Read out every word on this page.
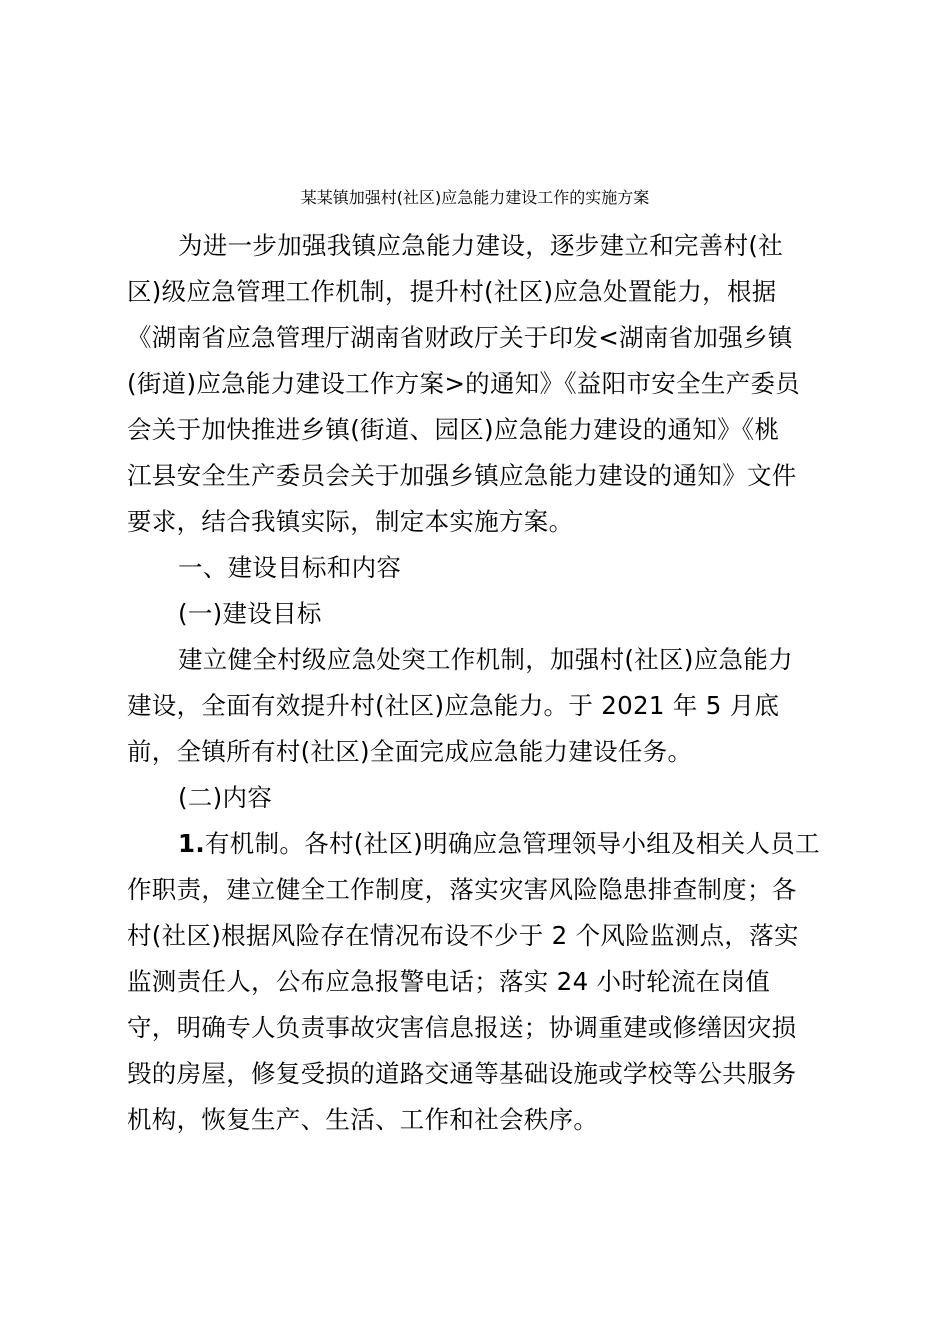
某某镇加强村(社区)应急能力建设工作的实施方案
为进一步加强我镇应急能力建设，逐步建立和完善村(社
区)级应急管理工作机制，提升村(社区)应急处置能力，根据
《湖南省应急管理厅湖南省财政厅关于印发<湖南省加强乡镇
(街道)应急能力建设工作方案>的通知》《益阳市安全生产委员
会关于加快推进乡镇(街道、园区)应急能力建设的通知》《桃
江县安全生产委员会关于加强乡镇应急能力建设的通知》文件
要求，结合我镇实际，制定本实施方案。
一、建设目标和内容
(一)建设目标
建立健全村级应急处突工作机制，加强村(社区)应急能力
建设，全面有效提升村(社区)应急能力。于 2021 年 5 月底
前，全镇所有村(社区)全面完成应急能力建设任务。
(二)内容
1.有机制。各村(社区)明确应急管理领导小组及相关人员工
作职责，建立健全工作制度，落实灾害风险隐患排查制度；各
村(社区)根据风险存在情况布设不少于 2 个风险监测点，落实
监测责任人，公布应急报警电话；落实 24 小时轮流在岗值
守，明确专人负责事故灾害信息报送；协调重建或修缮因灾损
毁的房屋，修复受损的道路交通等基础设施或学校等公共服务
机构，恢复生产、生活、工作和社会秩序。
